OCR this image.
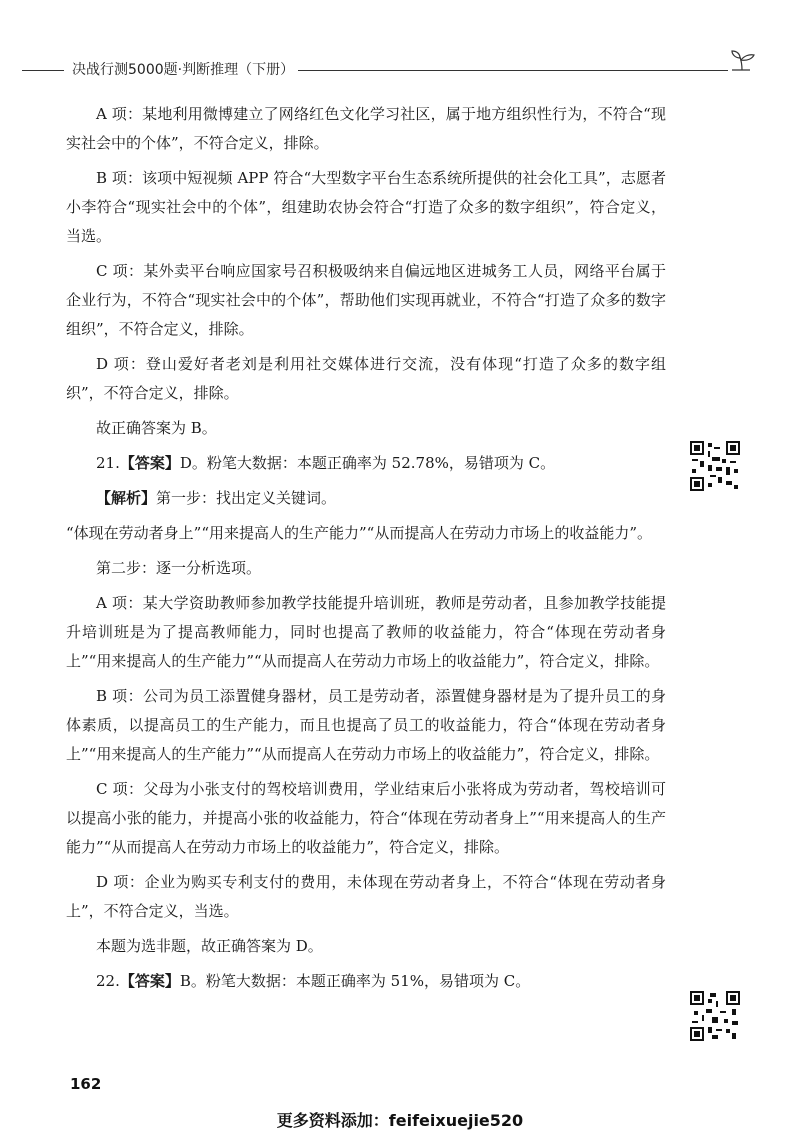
决战行测5000题·判断推理（下册）

A 项：某地利用微博建立了网络红色文化学习社区，属于地方组织性行为，不符合“现实社会中的个体”，不符合定义，排除。

B 项：该项中短视频 APP 符合“大型数字平台生态系统所提供的社会化工具”，志愿者小李符合“现实社会中的个体”，组建助农协会符合“打造了众多的数字组织”，符合定义，当选。

C 项：某外卖平台响应国家号召积极吸纳来自偏远地区进城务工人员，网络平台属于企业行为，不符合“现实社会中的个体”，帮助他们实现再就业，不符合“打造了众多的数字组织”，不符合定义，排除。

D 项：登山爱好者老刘是利用社交媒体进行交流，没有体现“打造了众多的数字组织”，不符合定义，排除。

故正确答案为 B。

21.【答案】D。粉笔大数据：本题正确率为 52.78%，易错项为 C。

【解析】第一步：找出定义关键词。

“体现在劳动者身上”“用来提高人的生产能力”“从而提高人在劳动力市场上的收益能力”。

第二步：逐一分析选项。

A 项：某大学资助教师参加教学技能提升培训班，教师是劳动者，且参加教学技能提升培训班是为了提高教师能力，同时也提高了教师的收益能力，符合“体现在劳动者身上”“用来提高人的生产能力”“从而提高人在劳动力市场上的收益能力”，符合定义，排除。

B 项：公司为员工添置健身器材，员工是劳动者，添置健身器材是为了提升员工的身体素质，以提高员工的生产能力，而且也提高了员工的收益能力，符合“体现在劳动者身上”“用来提高人的生产能力”“从而提高人在劳动力市场上的收益能力”，符合定义，排除。

C 项：父母为小张支付的驾校培训费用，学业结束后小张将成为劳动者，驾校培训可以提高小张的能力，并提高小张的收益能力，符合“体现在劳动者身上”“用来提高人的生产能力”“从而提高人在劳动力市场上的收益能力”，符合定义，排除。

D 项：企业为购买专利支付的费用，未体现在劳动者身上，不符合“体现在劳动者身上”，不符合定义，当选。

本题为选非题，故正确答案为 D。

22.【答案】B。粉笔大数据：本题正确率为 51%，易错项为 C。

162
更多资料添加：feifeixuejie520
